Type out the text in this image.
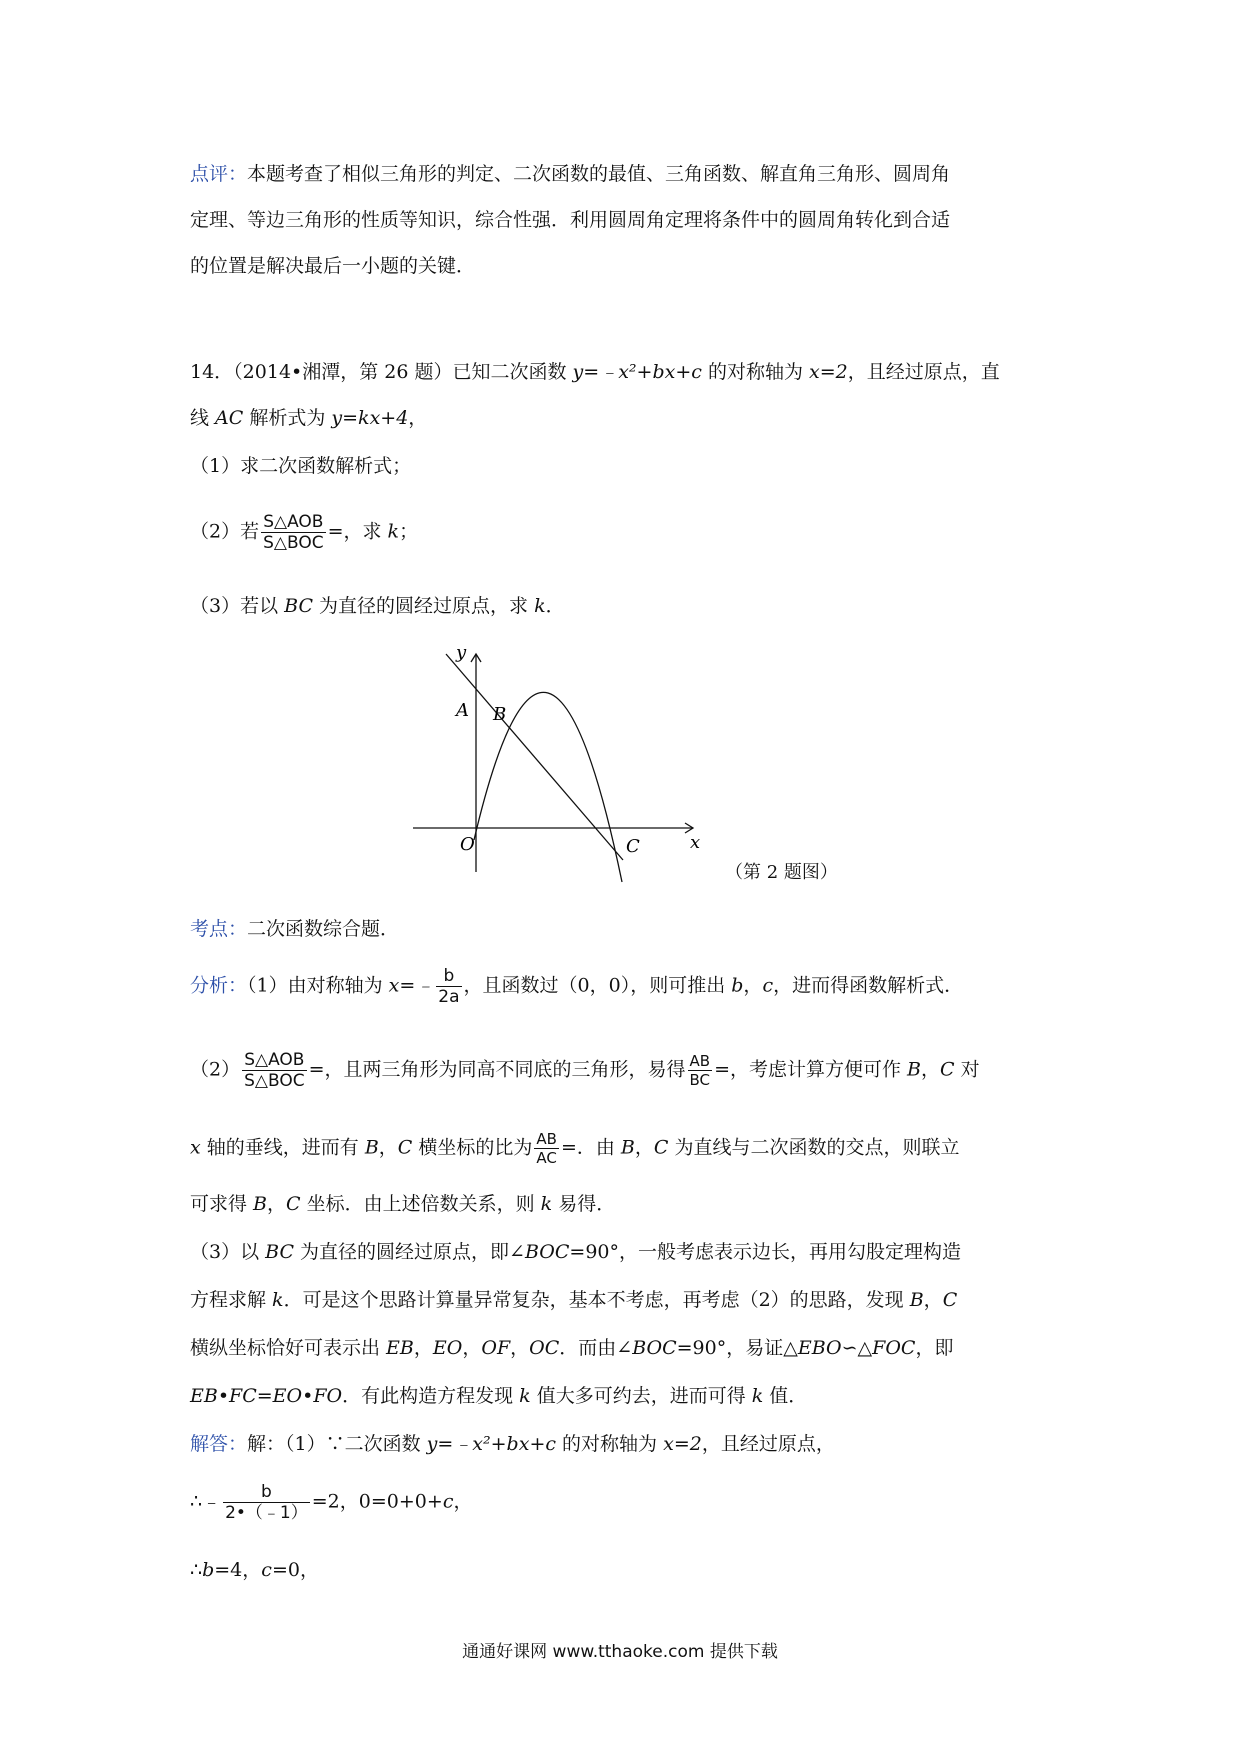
点评：本题考查了相似三角形的判定、二次函数的最值、三角函数、解直角三角形、圆周角
定理、等边三角形的性质等知识，综合性强．利用圆周角定理将条件中的圆周角转化到合适
的位置是解决最后一小题的关键．
14．（2014•湘潭，第 26 题）已知二次函数 y=﹣x²+bx+c 的对称轴为 x=2，且经过原点，直
线 AC 解析式为 y=kx+4，
（1）求二次函数解析式；
（2）若 $\frac{\text{S△AOB}}{\text{S△BOC}}$ =，求 k；
（3）若以 BC 为直径的圆经过原点，求 k．
y
x
A B
O	C
（第 2 题图）
考点：二次函数综合题．
分析：（1）由对称轴为 x=﹣ $\frac{b}{2a}$ ，且函数过（0，0），则可推出 b，c，进而得函数解析式．
$(2) \frac{\text{S△AOB}}{\text{S△BOC}}$ =，且两三角形为同高不同底的三角形，易得 $\frac{AB}{BC}$ =，考虑计算方便可作 B，C 对
x 轴的垂线，进而有 B，C 横坐标的比为 $\frac{AB}{AC}$ =．由 B，C 为直线与二次函数的交点，则联立
可求得 B，C 坐标．由上述倍数关系，则 k 易得．
（3）以 BC 为直径的圆经过原点，即∠BOC=90°，一般考虑表示边长，再用勾股定理构造
方程求解 k．可是这个思路计算量异常复杂，基本不考虑，再考虑（2）的思路，发现 B，C
横纵坐标恰好可表示出 EB，EO，OF，OC．而由∠BOC=90°，易证△EBO∽△FOC，即
EB•FC=EO•FO．有此构造方程发现 k 值大多可约去，进而可得 k 值．
解答：解：（1）∵二次函数 y=﹣x²+bx+c 的对称轴为 x=2，且经过原点，
∴﹣ $\frac{b}{2•(﹣1)} =2$，0=0+0+c，
∴b=4，c=0，
通通好课网 www.tthaoke.com 提供下载
